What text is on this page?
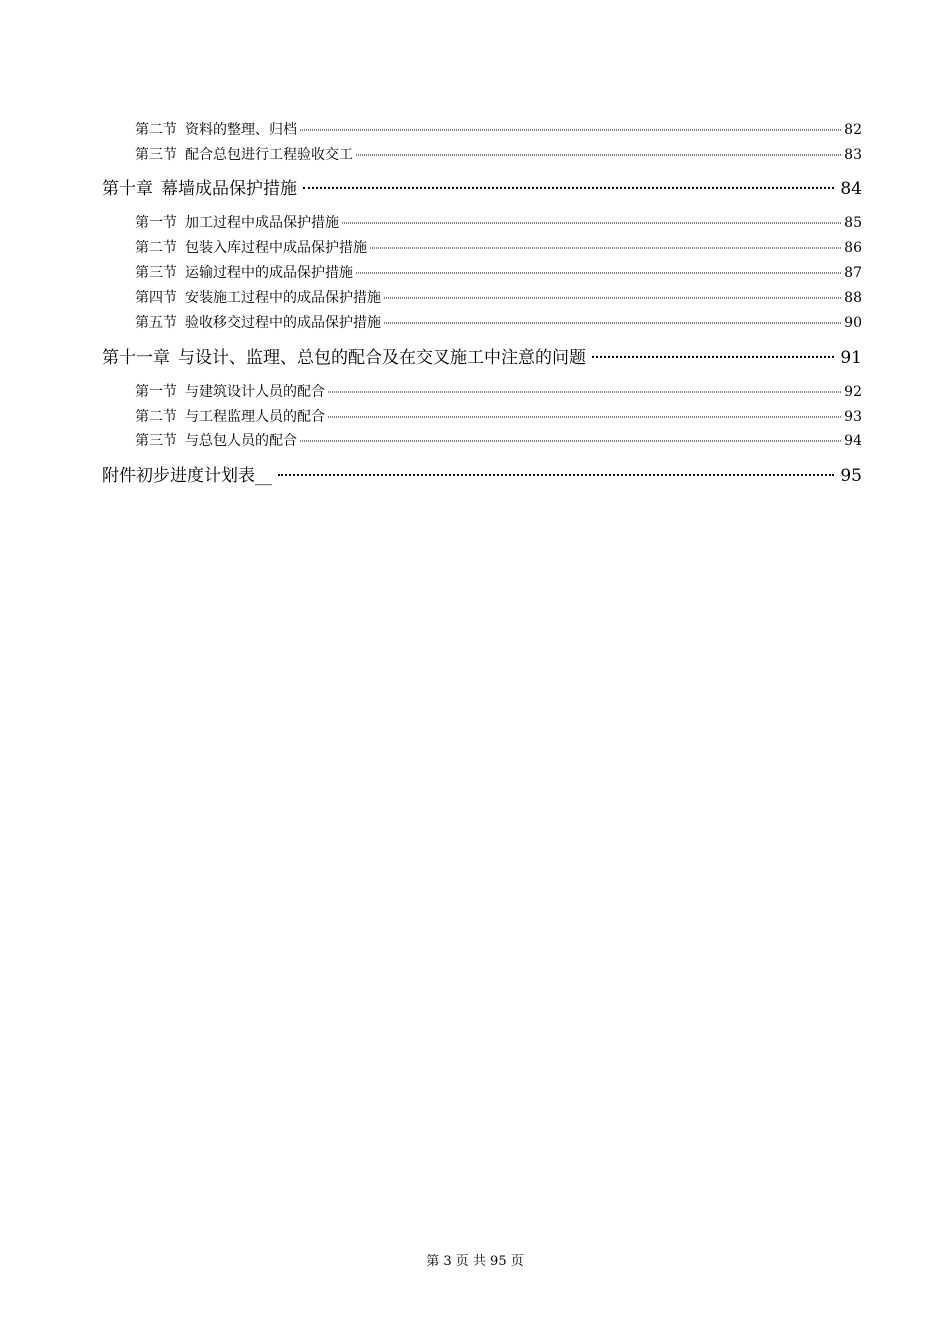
第二节 资料的整理、归档	82
第三节 配合总包进行工程验收交工	83
第十章 幕墙成品保护措施	84
第一节 加工过程中成品保护措施	85
第二节 包装入库过程中成品保护措施	86
第三节 运输过程中的成品保护措施	87
第四节 安装施工过程中的成品保护措施	88
第五节 验收移交过程中的成品保护措施	90
第十一章 与设计、监理、总包的配合及在交叉施工中注意的问题	91
第一节 与建筑设计人员的配合	92
第二节 与工程监理人员的配合	93
第三节 与总包人员的配合	94
附件初步进度计划表__	95
第 3 页 共 95 页
